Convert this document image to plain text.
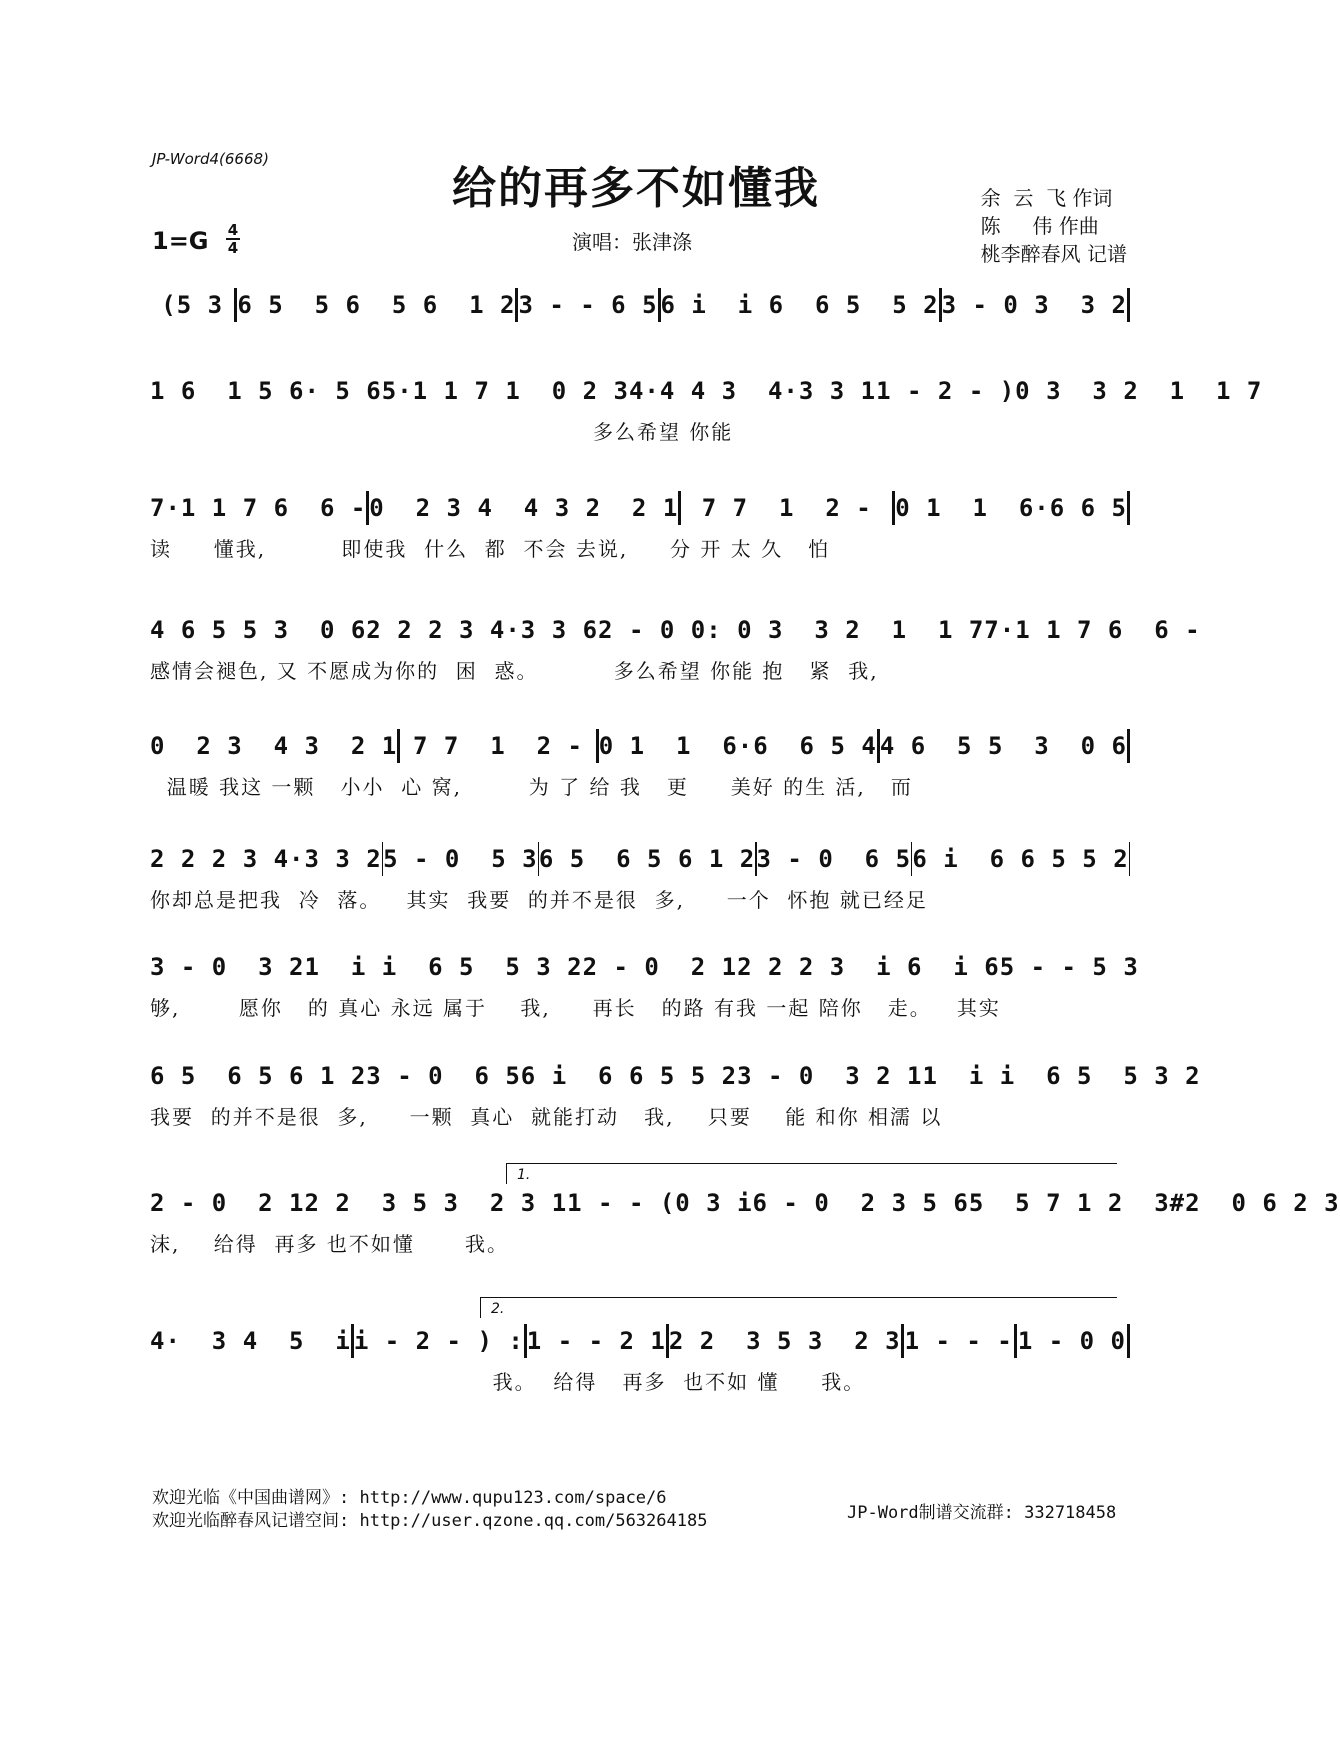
JP-Word4(6668)
给的再多不如懂我	余  云  飞 作词
陈     伟 作曲
桃李醉春风 记谱
1=G 4
4	演唱：张津涤
(5 3 6 5  5 6  5 6  1 2 3 - - 6 5 6 i  i 6  6 5  5 2 3 - 0 3  3 2
1 6  1 5 6· 5 6 5·1 1 7 1  0 2 3 4·4 4 3  4·3 3 1 1 - 2 - ) 0 3  3 2  1  1 7
多么希望 你能
7·1 1 7 6  6 - 0  2 3 4  4 3 2  2 1 7 7  1  2 - 0 1  1  6·6 6 5
读     懂我,         即使我  什么  都  不会 去说,     分 开 太 久   怕
4 6 5 5 3  0 6 2 2 2 3 4·3 3 6 2 - 0 0 : 0 3  3 2  1  1 7 7·1 1 7 6  6 -
感情会褪色, 又 不愿成为你的  困  惑。         多么希望 你能 抱   紧  我,
0  2 3  4 3  2 1 7 7  1  2 - 0 1  1  6·6  6 5 4 4 6  5 5  3  0 6
温暖 我这 一颗   小小  心 窝,        为 了 给 我   更     美好 的生 活,   而
2 2 2 3 4·3 3 2 5 - 0  5 3 6 5  6 5 6 1 2 3 - 0  6 5 6 i  6 6 5 5 2
你却总是把我  冷  落。   其实  我要  的并不是很  多,     一个  怀抱 就已经足
3 - 0  3 2 1  i i  6 5  5 3 2 2 - 0  2 1 2 2 2 3  i 6  i 6 5 - - 5 3
够,       愿你   的 真心 永远 属于    我,     再长   的路 有我 一起 陪你   走。   其实
6 5  6 5 6 1 2 3 - 0  6 5 6 i  6 6 5 5 2 3 - 0  3 2 1 1  i i  6 5  5 3 2
我要  的并不是很  多,     一颗  真心  就能打动   我,    只要    能 和你 相濡 以
2 - 0  2 1 2 2  3 5 3  2 3 1 1 - - (0 3 i 6 - 0  2 3 5 6 5  5 7 1 2  3#2  0 6 2 3
沫,    给得  再多 也不如懂      我。
4·  3 4  5  i i - 2 - ) : 1 - - 2 1 2 2  3 5 3  2 3 1 - - - 1 - 0 0
我。  给得   再多  也不如 懂     我。
1.
2.
欢迎光临《中国曲谱网》: http://www.qupu123.com/space/6
欢迎光临醉春风记谱空间: http://user.qzone.qq.com/563264185	JP-Word制谱交流群: 332718458
